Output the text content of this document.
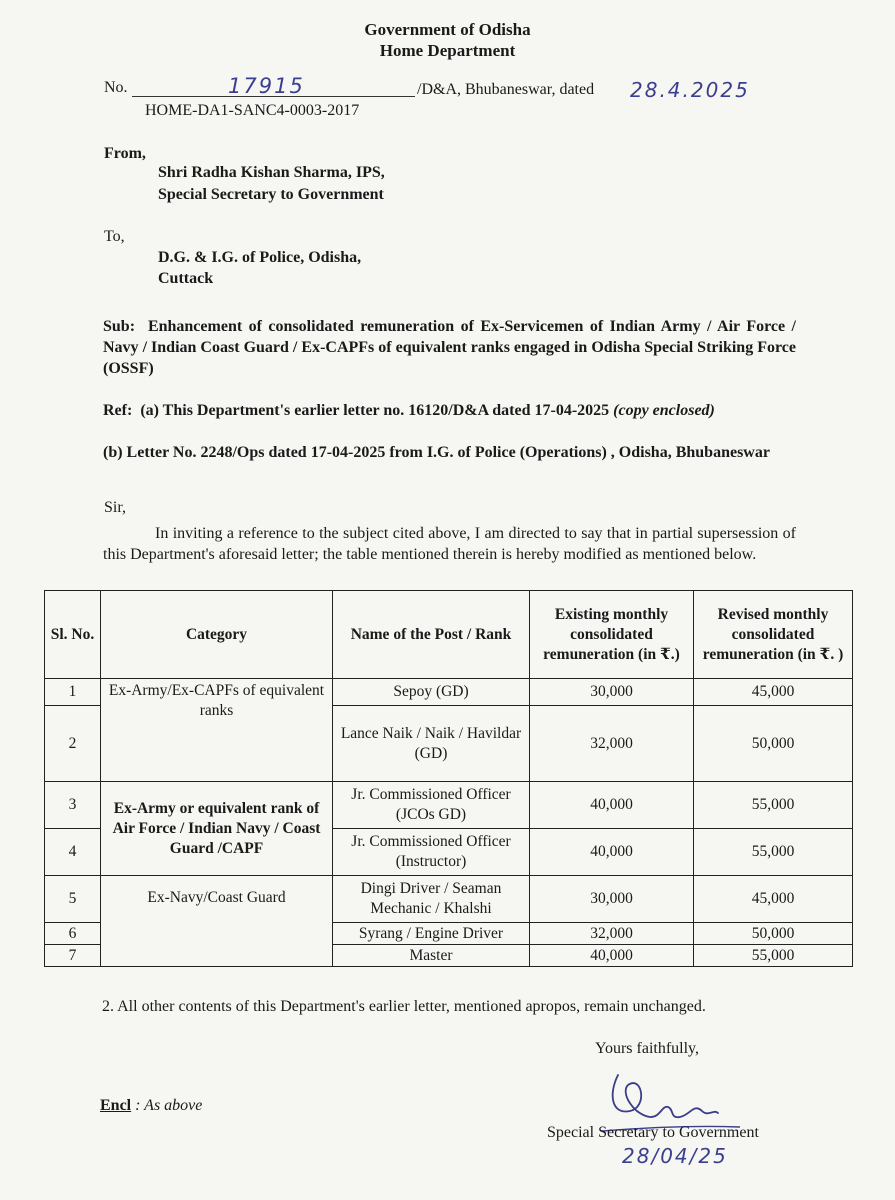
Government of Odisha
Home Department
No.	17915	/D&A, Bhubaneswar, dated 28.4.2025
HOME-DA1-SANC4-0003-2017
From,
Shri Radha Kishan Sharma, IPS,
Special Secretary to Government
To,
D.G. & I.G. of Police, Odisha,
Cuttack
Sub: Enhancement of consolidated remuneration of Ex-Servicemen of Indian Army / Air Force / Navy / Indian Coast Guard / Ex-CAPFs of equivalent ranks engaged in Odisha Special Striking Force (OSSF)
Ref: (a) This Department's earlier letter no. 16120/D&A dated 17-04-2025 (copy enclosed)
(b) Letter No. 2248/Ops dated 17-04-2025 from I.G. of Police (Operations) , Odisha, Bhubaneswar
Sir,
In inviting a reference to the subject cited above, I am directed to say that in partial supersession of this Department's aforesaid letter; the table mentioned therein is hereby modified as mentioned below.
Sl. No.	Category	Name of the Post / Rank	Existing monthly consolidated remuneration (in ₹.)	Revised monthly consolidated remuneration (in ₹. )
1	Ex-Army/Ex-CAPFs of equivalent ranks	Sepoy (GD)	30,000	45,000
2		Lance Naik / Naik / Havildar (GD)	32,000	50,000
3	Ex-Army or equivalent rank of Air Force / Indian Navy / Coast Guard /CAPF	Jr. Commissioned Officer (JCOs GD)	40,000	55,000
4		Jr. Commissioned Officer (Instructor)	40,000	55,000
5	Ex-Navy/Coast Guard	Dingi Driver / Seaman Mechanic / Khalshi	30,000	45,000
6		Syrang / Engine Driver	32,000	50,000
7		Master	40,000	55,000
2. All other contents of this Department's earlier letter, mentioned apropos, remain unchanged.
Yours faithfully,
28/04/25
Special Secretary to Government
Encl : As above
